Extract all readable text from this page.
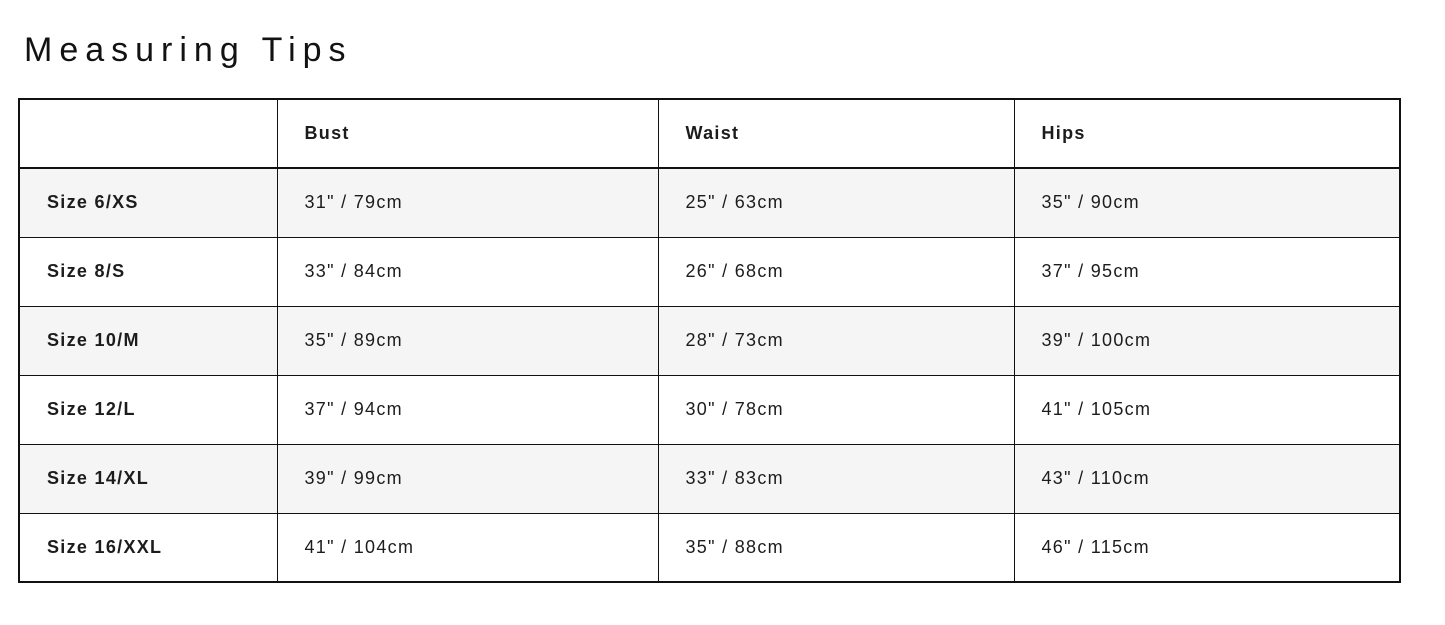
Measuring Tips
	Bust	Waist	Hips
Size 6/XS	31" / 79cm	25" / 63cm	35" / 90cm
Size 8/S	33" / 84cm	26" / 68cm	37" / 95cm
Size 10/M	35" / 89cm	28" / 73cm	39" / 100cm
Size 12/L	37" / 94cm	30" / 78cm	41" / 105cm
Size 14/XL	39" / 99cm	33" / 83cm	43" / 110cm
Size 16/XXL	41" / 104cm	35" / 88cm	46" / 115cm
